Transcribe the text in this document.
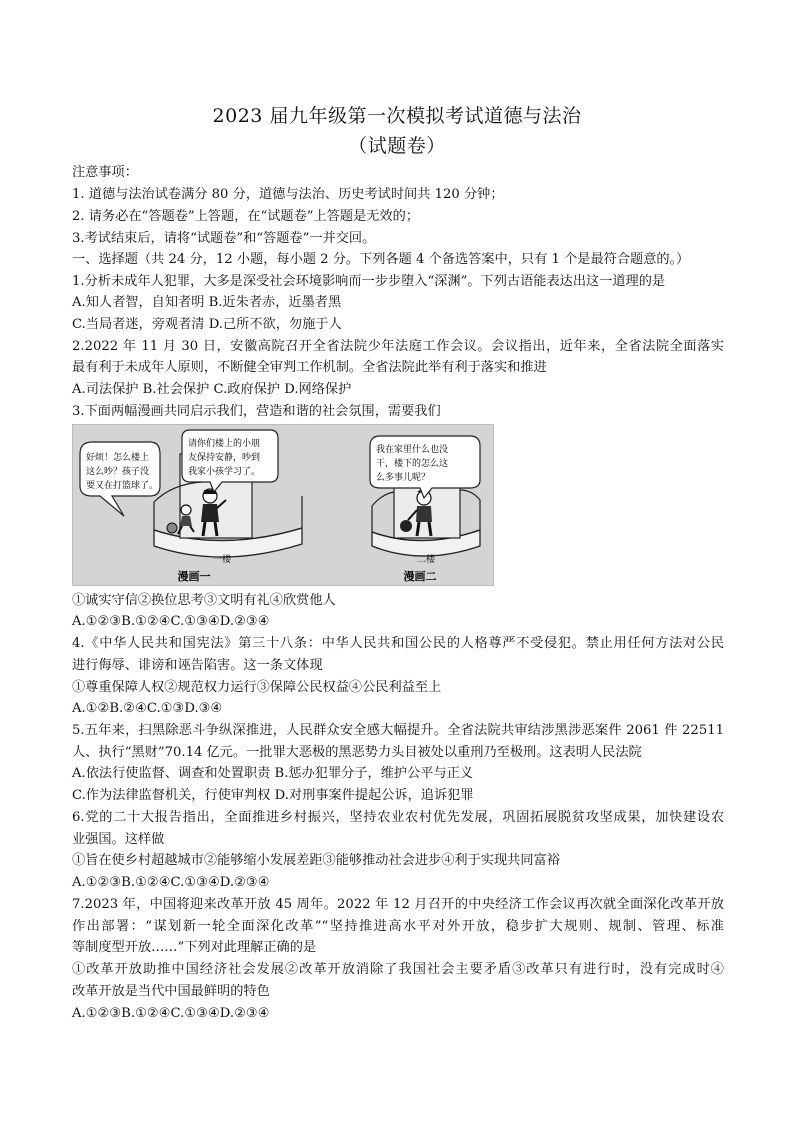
2023 届九年级第一次模拟考试道德与法治
（试题卷）
注意事项：
1. 道德与法治试卷满分 80 分，道德与法治、历史考试时间共 120 分钟；
2. 请务必在“答题卷”上答题，在“试题卷”上答题是无效的；
3.考试结束后，请将“试题卷”和“答题卷”一并交回。
一、选择题（共 24 分，12 小题，每小题 2 分。下列各题 4 个备选答案中，只有 1 个是最符合题意的。）
1.分析未成年人犯罪，大多是深受社会环境影响而一步步堕入“深渊”。下列古语能表达出这一道理的是
A.知人者智，自知者明 B.近朱者赤，近墨者黑
C.当局者迷，旁观者清 D.己所不欲，勿施于人
2.2022 年 11 月 30 日，安徽高院召开全省法院少年法庭工作会议。会议指出，近年来，全省法院全面落实
最有利于未成年人原则，不断健全审判工作机制。全省法院此举有利于落实和推进
A.司法保护 B.社会保护 C.政府保护 D.网络保护
3.下面两幅漫画共同启示我们，营造和谐的社会氛围，需要我们
一楼
漫画一
好烦！怎么楼上
这么吵？孩子没
要又在打篮球了。
请你们楼上的小朋
友保持安静，吵到
我家小孩学习了。
二楼
漫画二
我在家里什么也没
干，楼下的怎么这
么多事儿呢？
①诚实守信②换位思考③文明有礼④欣赏他人
A.①②③B.①②④C.①③④D.②③④
4.《中华人民共和国宪法》第三十八条：中华人民共和国公民的人格尊严不受侵犯。禁止用任何方法对公民
进行侮辱、诽谤和诬告陷害。这一条文体现
①尊重保障人权②规范权力运行③保障公民权益④公民利益至上
A.①②B.②④C.①③D.③④
5.五年来，扫黑除恶斗争纵深推进，人民群众安全感大幅提升。全省法院共审结涉黑涉恶案件 2061 件 22511
人、执行“黑财”70.14 亿元。一批罪大恶极的黑恶势力头目被处以重刑乃至极刑。这表明人民法院
A.依法行使监督、调查和处置职责 B.惩办犯罪分子，维护公平与正义
C.作为法律监督机关，行使审判权 D.对刑事案件提起公诉，追诉犯罪
6.党的二十大报告指出，全面推进乡村振兴，坚持农业农村优先发展，巩固拓展脱贫攻坚成果，加快建设农
业强国。这样做
①旨在使乡村超越城市②能够缩小发展差距③能够推动社会进步④利于实现共同富裕
A.①②③B.①②④C.①③④D.②③④
7.2023 年，中国将迎来改革开放 45 周年。2022 年 12 月召开的中央经济工作会议再次就全面深化改革开放
作出部署：“谋划新一轮全面深化改革”“坚持推进高水平对外开放，稳步扩大规则、规制、管理、标准
等制度型开放……”下列对此理解正确的是
①改革开放助推中国经济社会发展②改革开放消除了我国社会主要矛盾③改革只有进行时，没有完成时④
改革开放是当代中国最鲜明的特色
A.①②③B.①②④C.①③④D.②③④
